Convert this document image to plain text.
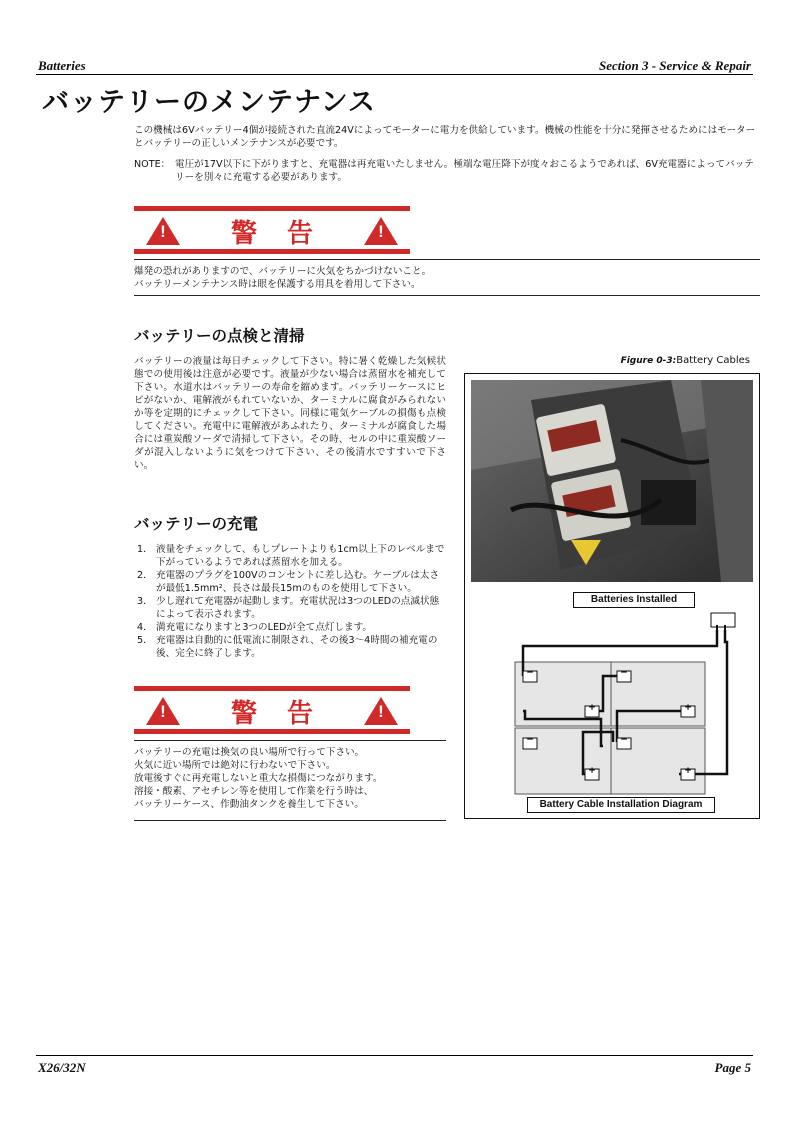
Batteries	Section 3 - Service & Repair
バッテリーのメンテナンス
この機械は6Vバッテリー4個が接続された直流24Vによってモーターに電力を供給しています。機械の性能を十分に発揮させるためにはモーターとバッテリーの正しいメンテナンスが必要です。
NOTE： 電圧が17V以下に下がりますと、充電器は再充電いたしません。極端な電圧降下が度々おこるようであれば、6V充電器によってバッテリーを別々に充電する必要があります。
!	警告	!
爆発の恐れがありますので、バッテリーに火気をちかづけないこと。
バッテリーメンテナンス時は眼を保護する用具を着用して下さい。
バッテリーの点検と清掃
バッテリーの液量は毎日チェックして下さい。特に暑く乾燥した気候状態での使用後は注意が必要です。液量が少ない場合は蒸留水を補充して下さい。水道水はバッテリーの寿命を縮めます。バッテリーケースにヒビがないか、電解液がもれていないか、ターミナルに腐食がみられないか等を定期的にチェックして下さい。同様に電気ケーブルの損傷も点検してください。充電中に電解液があふれたり、ターミナルが腐食した場合には重炭酸ソーダで清掃して下さい。その時、セルの中に重炭酸ソーダが混入しないように気をつけて下さい、その後清水ですすいで下さい。
バッテリーの充電
1． 液量をチェックして、もしプレートよりも1cm以上下のレベルまで下がっているようであれば蒸留水を加える。
2． 充電器のプラグを100Vのコンセントに差し込む。ケーブルは太さが最低1.5mm²、長さは最長15mのものを使用して下さい。
3． 少し遅れて充電器が起動します。充電状況は3つのLEDの点滅状態によって表示されます。
4． 満充電になりますと3つのLEDが全て点灯します。
5． 充電器は自動的に低電流に制限され、その後3〜4時間の補充電の後、完全に終了します。
!	警告	!
バッテリーの充電は換気の良い場所で行って下さい。
火気に近い場所では絶対に行わないで下さい。
放電後すぐに再充電しないと重大な損傷につながります。
溶接・酸素、アセチレン等を使用して作業を行う時は、
バッテリーケース、作動油タンクを養生して下さい。
Figure 0-3:Battery Cables
Batteries Installed
−	−
+	+
−	−
+	+
Battery Cable Installation Diagram
X26/32N	Page 5
